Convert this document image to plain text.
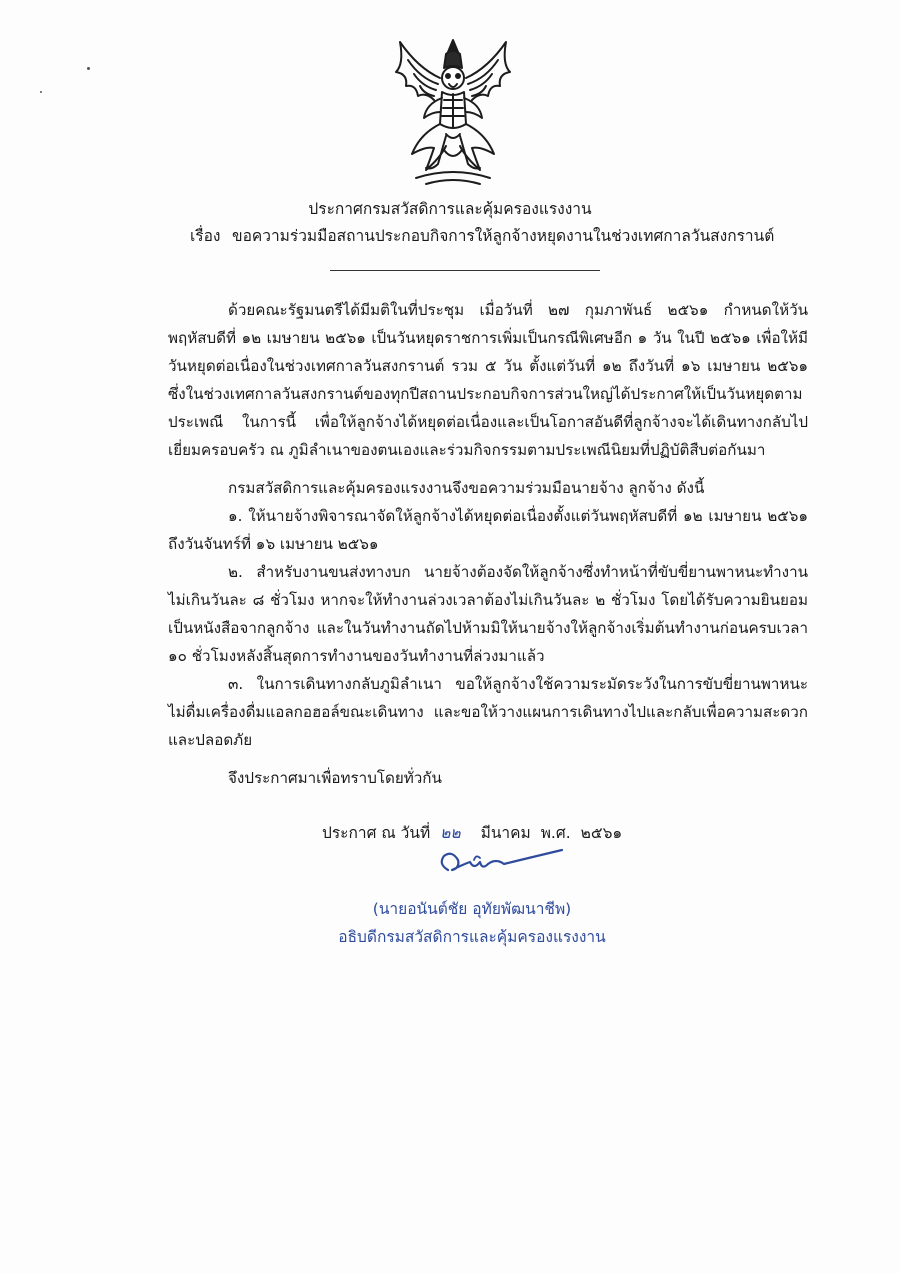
ประกาศกรมสวัสดิการและคุ้มครองแรงงาน
เรื่อง ขอความร่วมมือสถานประกอบกิจการให้ลูกจ้างหยุดงานในช่วงเทศกาลวันสงกรานต์

ด้วยคณะรัฐมนตรีได้มีมติในที่ประชุม เมื่อวันที่ ๒๗ กุมภาพันธ์ ๒๕๖๑ กำหนดให้วันพฤหัสบดีที่ ๑๒ เมษายน ๒๕๖๑ เป็นวันหยุดราชการเพิ่มเป็นกรณีพิเศษอีก ๑ วัน ในปี ๒๕๖๑ เพื่อให้มีวันหยุดต่อเนื่องในช่วงเทศกาลวันสงกรานต์ รวม ๕ วัน ตั้งแต่วันที่ ๑๒ ถึงวันที่ ๑๖ เมษายน ๒๕๖๑ ซึ่งในช่วงเทศกาลวันสงกรานต์ของทุกปีสถานประกอบกิจการส่วนใหญ่ได้ประกาศให้เป็นวันหยุดตามประเพณี ในการนี้ เพื่อให้ลูกจ้างได้หยุดต่อเนื่องและเป็นโอกาสอันดีที่ลูกจ้างจะได้เดินทางกลับไปเยี่ยมครอบครัว ณ ภูมิลำเนาของตนเองและร่วมกิจกรรมตามประเพณีนิยมที่ปฏิบัติสืบต่อกันมา

กรมสวัสดิการและคุ้มครองแรงงานจึงขอความร่วมมือนายจ้าง ลูกจ้าง ดังนี้

๑. ให้นายจ้างพิจารณาจัดให้ลูกจ้างได้หยุดต่อเนื่องตั้งแต่วันพฤหัสบดีที่ ๑๒ เมษายน ๒๕๖๑ ถึงวันจันทร์ที่ ๑๖ เมษายน ๒๕๖๑

๒. สำหรับงานขนส่งทางบก นายจ้างต้องจัดให้ลูกจ้างซึ่งทำหน้าที่ขับขี่ยานพาหนะทำงานไม่เกินวันละ ๘ ชั่วโมง หากจะให้ทำงานล่วงเวลาต้องไม่เกินวันละ ๒ ชั่วโมง โดยได้รับความยินยอมเป็นหนังสือจากลูกจ้าง และในวันทำงานถัดไปห้ามมิให้นายจ้างให้ลูกจ้างเริ่มต้นทำงานก่อนครบเวลา ๑๐ ชั่วโมงหลังสิ้นสุดการทำงานของวันทำงานที่ล่วงมาแล้ว

๓. ในการเดินทางกลับภูมิลำเนา ขอให้ลูกจ้างใช้ความระมัดระวังในการขับขี่ยานพาหนะไม่ดื่มเครื่องดื่มแอลกอฮอล์ขณะเดินทาง และขอให้วางแผนการเดินทางไปและกลับเพื่อความสะดวกและปลอดภัย

จึงประกาศมาเพื่อทราบโดยทั่วกัน

ประกาศ ณ วันที่ ๒๒ มีนาคม พ.ศ. ๒๕๖๑
(นายอนันต์ชัย อุทัยพัฒนาชีพ)
อธิบดีกรมสวัสดิการและคุ้มครองแรงงาน
